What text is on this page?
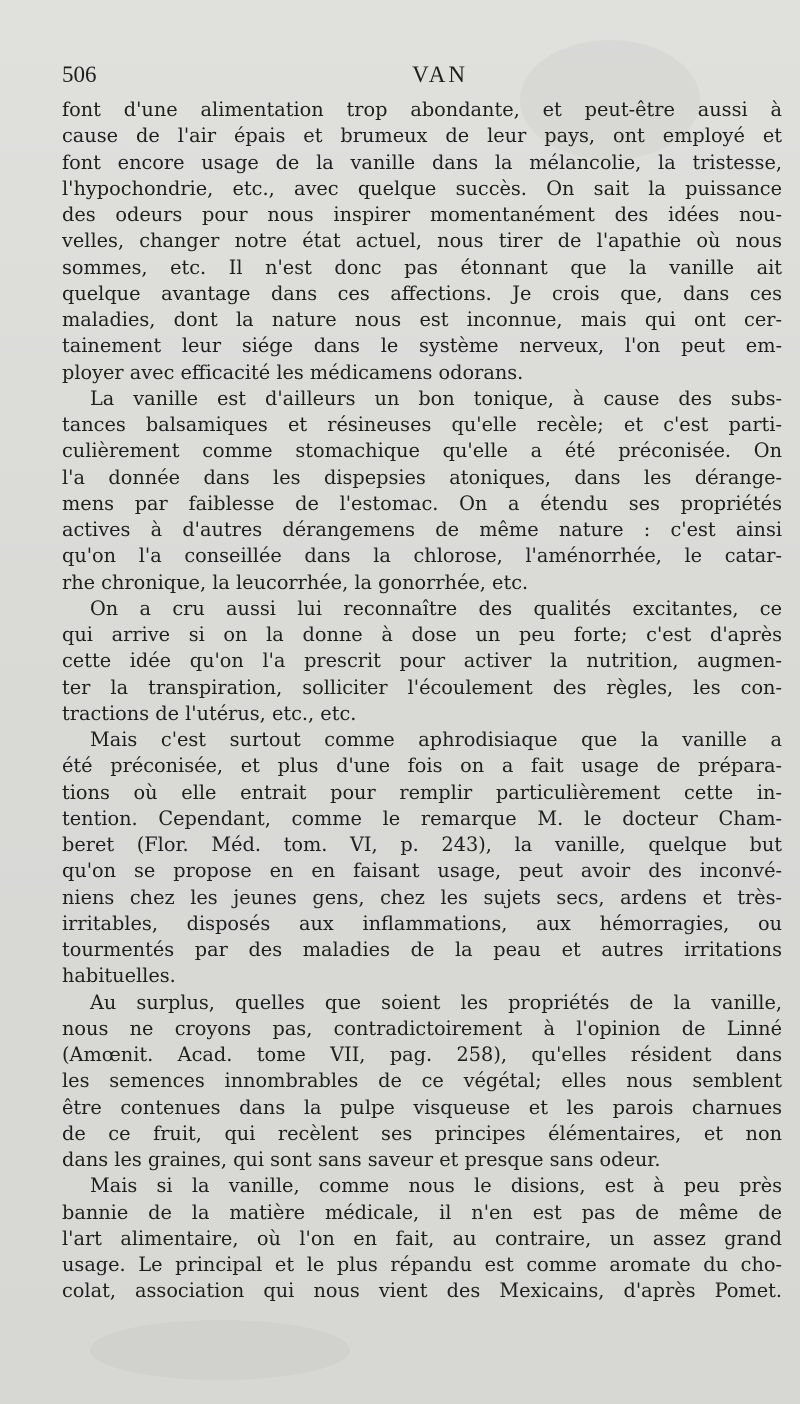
506	VAN
font d'une alimentation trop abondante, et peut-être aussi à
cause de l'air épais et brumeux de leur pays, ont employé et
font encore usage de la vanille dans la mélancolie, la tristesse,
l'hypochondrie, etc., avec quelque succès. On sait la puissance
des odeurs pour nous inspirer momentanément des idées nou-
velles, changer notre état actuel, nous tirer de l'apathie où nous
sommes, etc. Il n'est donc pas étonnant que la vanille ait
quelque avantage dans ces affections. Je crois que, dans ces
maladies, dont la nature nous est inconnue, mais qui ont cer-
tainement leur siége dans le système nerveux, l'on peut em-
ployer avec efficacité les médicamens odorans.
La vanille est d'ailleurs un bon tonique, à cause des subs-
tances balsamiques et résineuses qu'elle recèle; et c'est parti-
culièrement comme stomachique qu'elle a été préconisée. On
l'a donnée dans les dispepsies atoniques, dans les dérange-
mens par faiblesse de l'estomac. On a étendu ses propriétés
actives à d'autres dérangemens de même nature : c'est ainsi
qu'on l'a conseillée dans la chlorose, l'aménorrhée, le catar-
rhe chronique, la leucorrhée, la gonorrhée, etc.
On a cru aussi lui reconnaître des qualités excitantes, ce
qui arrive si on la donne à dose un peu forte; c'est d'après
cette idée qu'on l'a prescrit pour activer la nutrition, augmen-
ter la transpiration, solliciter l'écoulement des règles, les con-
tractions de l'utérus, etc., etc.
Mais c'est surtout comme aphrodisiaque que la vanille a
été préconisée, et plus d'une fois on a fait usage de prépara-
tions où elle entrait pour remplir particulièrement cette in-
tention. Cependant, comme le remarque M. le docteur Cham-
beret (Flor. Méd. tom. VI, p. 243), la vanille, quelque but
qu'on se propose en en faisant usage, peut avoir des inconvé-
niens chez les jeunes gens, chez les sujets secs, ardens et très-
irritables, disposés aux inflammations, aux hémorragies, ou
tourmentés par des maladies de la peau et autres irritations
habituelles.
Au surplus, quelles que soient les propriétés de la vanille,
nous ne croyons pas, contradictoirement à l'opinion de Linné
(Amœnit. Acad. tome VII, pag. 258), qu'elles résident dans
les semences innombrables de ce végétal; elles nous semblent
être contenues dans la pulpe visqueuse et les parois charnues
de ce fruit, qui recèlent ses principes élémentaires, et non
dans les graines, qui sont sans saveur et presque sans odeur.
Mais si la vanille, comme nous le disions, est à peu près
bannie de la matière médicale, il n'en est pas de même de
l'art alimentaire, où l'on en fait, au contraire, un assez grand
usage. Le principal et le plus répandu est comme aromate du cho-
colat, association qui nous vient des Mexicains, d'après Pomet.
